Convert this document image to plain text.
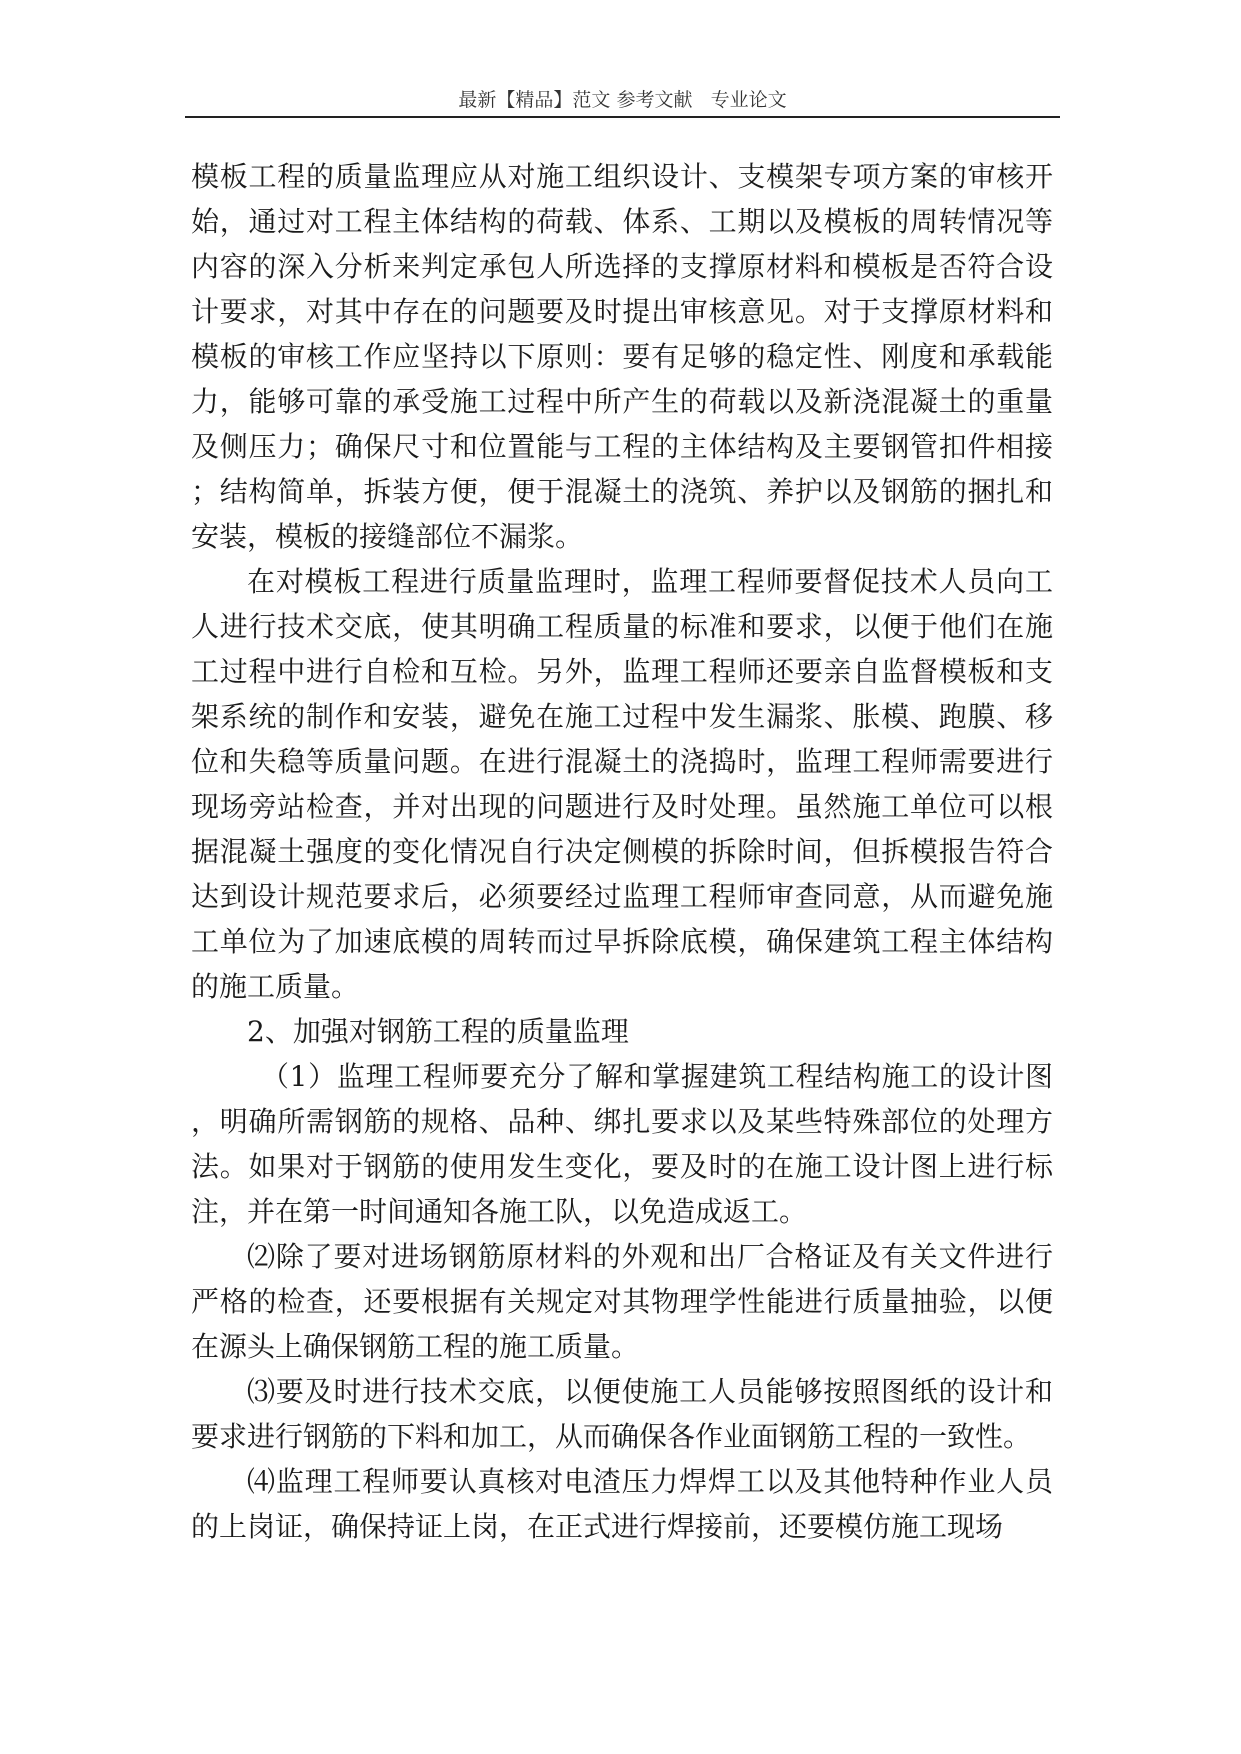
最新【精品】范文 参考文献   专业论文

模板工程的质量监理应从对施工组织设计、支模架专项方案的审核开始，通过对工程主体结构的荷载、体系、工期以及模板的周转情况等内容的深入分析来判定承包人所选择的支撑原材料和模板是否符合设计要求，对其中存在的问题要及时提出审核意见。对于支撑原材料和模板的审核工作应坚持以下原则：要有足够的稳定性、刚度和承载能力，能够可靠的承受施工过程中所产生的荷载以及新浇混凝土的重量及侧压力；确保尺寸和位置能与工程的主体结构及主要钢管扣件相接；结构简单，拆装方便，便于混凝土的浇筑、养护以及钢筋的捆扎和安装，模板的接缝部位不漏浆。

在对模板工程进行质量监理时，监理工程师要督促技术人员向工人进行技术交底，使其明确工程质量的标准和要求，以便于他们在施工过程中进行自检和互检。另外，监理工程师还要亲自监督模板和支架系统的制作和安装，避免在施工过程中发生漏浆、胀模、跑膜、移位和失稳等质量问题。在进行混凝土的浇捣时，监理工程师需要进行现场旁站检查，并对出现的问题进行及时处理。虽然施工单位可以根据混凝土强度的变化情况自行决定侧模的拆除时间，但拆模报告符合达到设计规范要求后，必须要经过监理工程师审查同意，从而避免施工单位为了加速底模的周转而过早拆除底模，确保建筑工程主体结构的施工质量。

2、加强对钢筋工程的质量监理

（1）监理工程师要充分了解和掌握建筑工程结构施工的设计图，明确所需钢筋的规格、品种、绑扎要求以及某些特殊部位的处理方法。如果对于钢筋的使用发生变化，要及时的在施工设计图上进行标注，并在第一时间通知各施工队，以免造成返工。

⑵除了要对进场钢筋原材料的外观和出厂合格证及有关文件进行严格的检查，还要根据有关规定对其物理学性能进行质量抽验，以便在源头上确保钢筋工程的施工质量。

⑶要及时进行技术交底，以便使施工人员能够按照图纸的设计和要求进行钢筋的下料和加工，从而确保各作业面钢筋工程的一致性。

⑷监理工程师要认真核对电渣压力焊焊工以及其他特种作业人员的上岗证，确保持证上岗，在正式进行焊接前，还要模仿施工现场
